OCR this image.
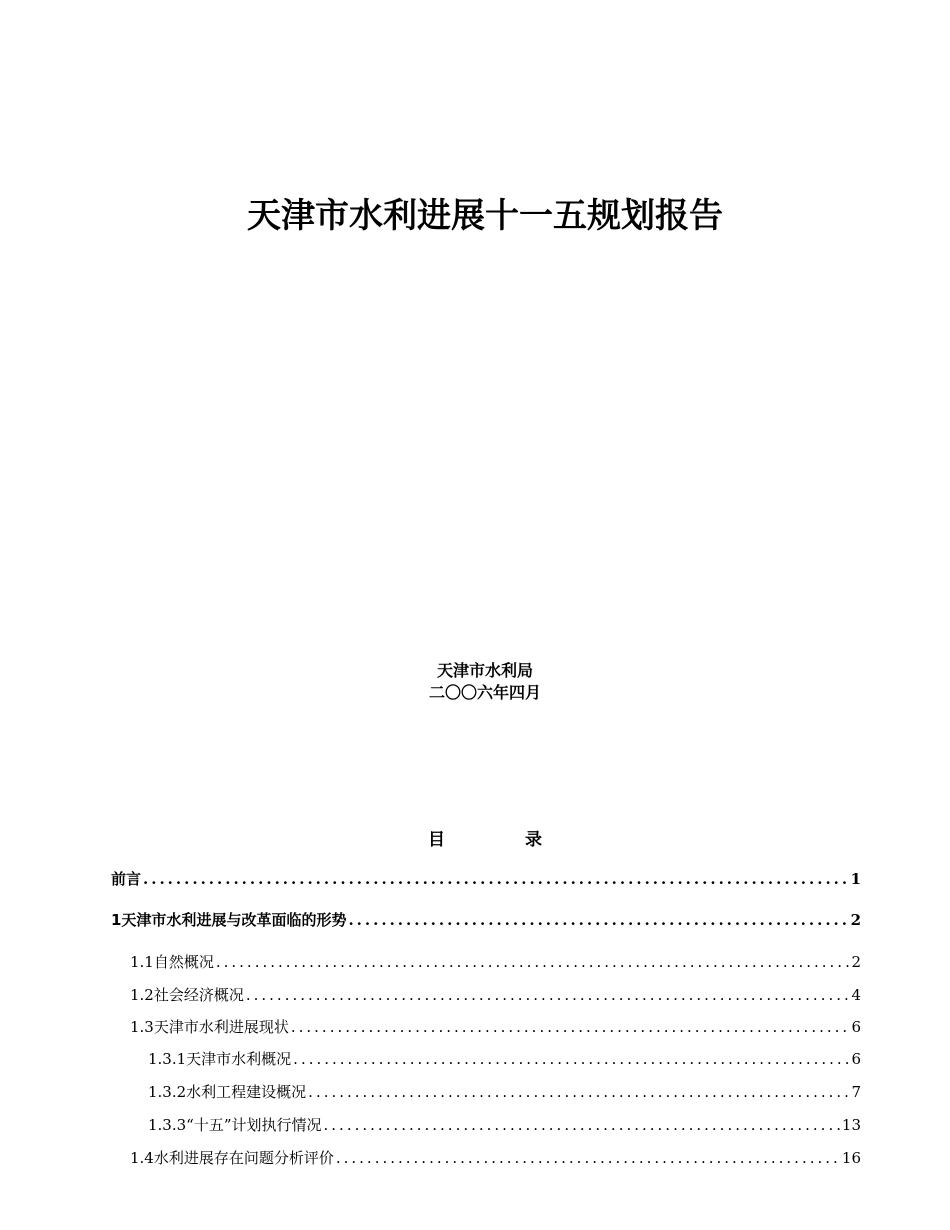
天津市水利进展十一五规划报告
天津市水利局
二〇〇六年四月
目	录
前言 .....	1
1天津市水利进展与改革面临的形势 .....	2
1.1自然概况 .....	2
1.2社会经济概况 .....	4
1.3天津市水利进展现状 .....	6
1.3.1天津市水利概况 .....	6
1.3.2水利工程建设概况 .....	7
1.3.3“十五”计划执行情况 .....	13
1.4水利进展存在问题分析评价 .....	16
